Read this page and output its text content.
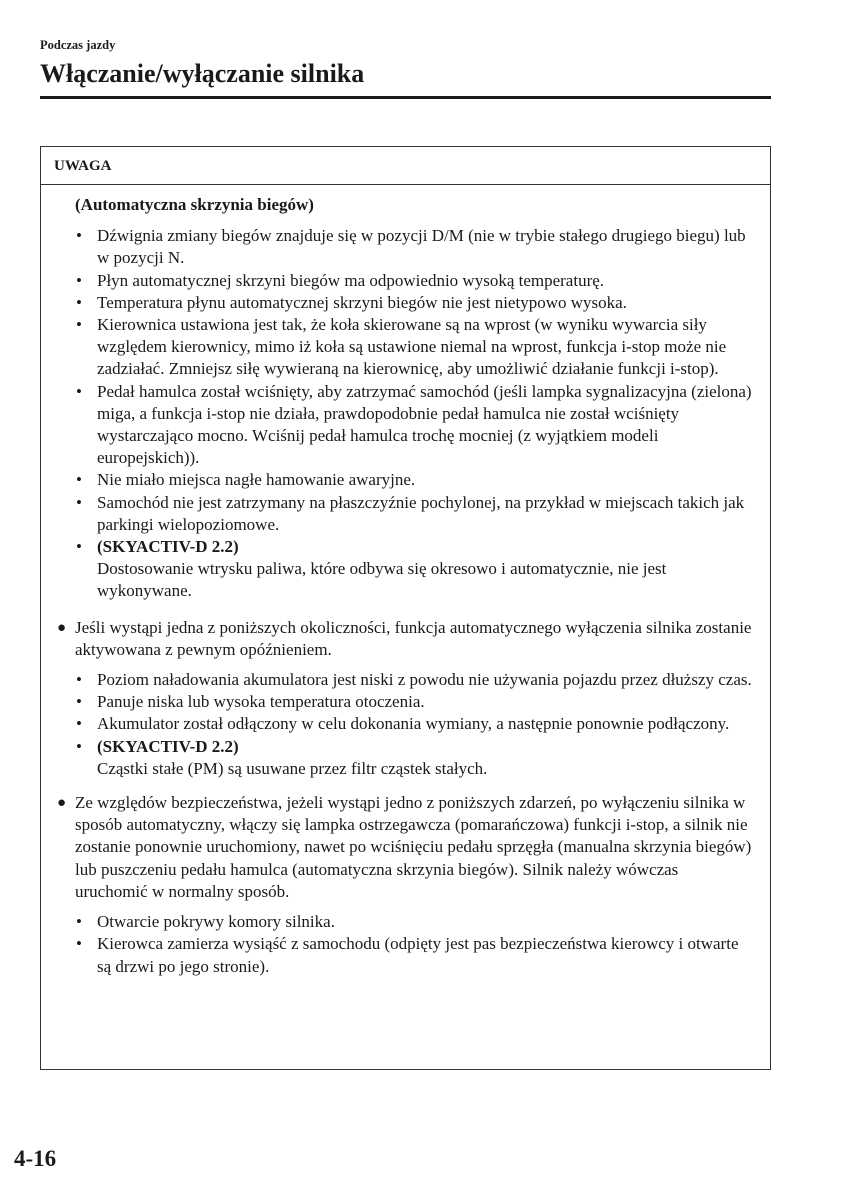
Podczas jazdy
Włączanie/wyłączanie silnika
UWAGA
(Automatyczna skrzynia biegów)
• Dźwignia zmiany biegów znajduje się w pozycji D/M (nie w trybie stałego drugiego biegu) lub w pozycji N.
• Płyn automatycznej skrzyni biegów ma odpowiednio wysoką temperaturę.
• Temperatura płynu automatycznej skrzyni biegów nie jest nietypowo wysoka.
• Kierownica ustawiona jest tak, że koła skierowane są na wprost (w wyniku wywarcia siły względem kierownicy, mimo iż koła są ustawione niemal na wprost, funkcja i-stop może nie zadziałać. Zmniejsz siłę wywieraną na kierownicę, aby umożliwić działanie funkcji i-stop).
• Pedał hamulca został wciśnięty, aby zatrzymać samochód (jeśli lampka sygnalizacyjna (zielona) miga, a funkcja i-stop nie działa, prawdopodobnie pedał hamulca nie został wciśnięty wystarczająco mocno. Wciśnij pedał hamulca trochę mocniej (z wyjątkiem modeli europejskich)).
• Nie miało miejsca nagłe hamowanie awaryjne.
• Samochód nie jest zatrzymany na płaszczyźnie pochylonej, na przykład w miejscach takich jak parkingi wielopoziomowe.
• (SKYACTIV-D 2.2)
Dostosowanie wtrysku paliwa, które odbywa się okresowo i automatycznie, nie jest wykonywane.
● Jeśli wystąpi jedna z poniższych okoliczności, funkcja automatycznego wyłączenia silnika zostanie aktywowana z pewnym opóźnieniem.
• Poziom naładowania akumulatora jest niski z powodu nie używania pojazdu przez dłuższy czas.
• Panuje niska lub wysoka temperatura otoczenia.
• Akumulator został odłączony w celu dokonania wymiany, a następnie ponownie podłączony.
• (SKYACTIV-D 2.2)
Cząstki stałe (PM) są usuwane przez filtr cząstek stałych.
● Ze względów bezpieczeństwa, jeżeli wystąpi jedno z poniższych zdarzeń, po wyłączeniu silnika w sposób automatyczny, włączy się lampka ostrzegawcza (pomarańczowa) funkcji i-stop, a silnik nie zostanie ponownie uruchomiony, nawet po wciśnięciu pedału sprzęgła (manualna skrzynia biegów) lub puszczeniu pedału hamulca (automatyczna skrzynia biegów). Silnik należy wówczas uruchomić w normalny sposób.
• Otwarcie pokrywy komory silnika.
• Kierowca zamierza wysiąść z samochodu (odpięty jest pas bezpieczeństwa kierowcy i otwarte są drzwi po jego stronie).
4-16
